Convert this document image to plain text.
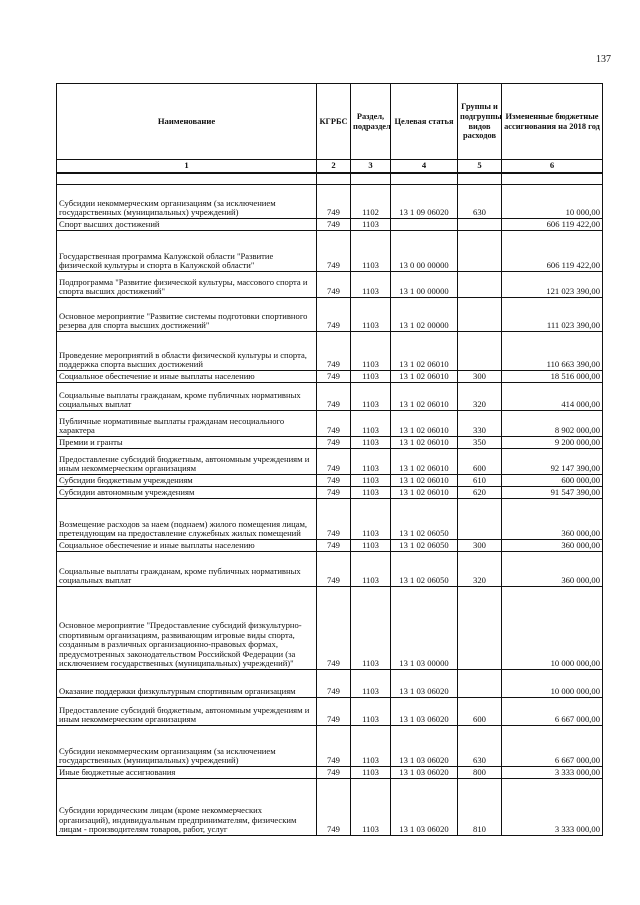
137
Наименование	КГРБС	Раздел, подраздел	Целевая статья	Группы и подгруппы видов расходов	Измененные бюджетные ассигнования на 2018 год
1	2	3	4	5	6

Субсидии некоммерческим организациям (за исключением государственных (муниципальных) учреждений)	749	1102	13 1 09 06020	630	10 000,00
Спорт высших достижений	749	1103			606 119 422,00
Государственная программа Калужской области "Развитие физической культуры и спорта в Калужской области"	749	1103	13 0 00 00000		606 119 422,00
Подпрограмма "Развитие физической культуры, массового спорта и спорта высших достижений"	749	1103	13 1 00 00000		121 023 390,00
Основное мероприятие "Развитие системы подготовки спортивного резерва для спорта высших достижений"	749	1103	13 1 02 00000		111 023 390,00
Проведение мероприятий в области физической культуры и спорта, поддержка спорта высших достижений	749	1103	13 1 02 06010		110 663 390,00
Социальное обеспечение и иные выплаты населению	749	1103	13 1 02 06010	300	18 516 000,00
Социальные выплаты гражданам, кроме публичных нормативных социальных выплат	749	1103	13 1 02 06010	320	414 000,00
Публичные нормативные выплаты гражданам несоциального характера	749	1103	13 1 02 06010	330	8 902 000,00
Премии и гранты	749	1103	13 1 02 06010	350	9 200 000,00
Предоставление субсидий бюджетным, автономным учреждениям и иным некоммерческим организациям	749	1103	13 1 02 06010	600	92 147 390,00
Субсидии бюджетным учреждениям	749	1103	13 1 02 06010	610	600 000,00
Субсидии автономным учреждениям	749	1103	13 1 02 06010	620	91 547 390,00
Возмещение расходов за наем (поднаем) жилого помещения лицам, претендующим на предоставление служебных жилых помещений	749	1103	13 1 02 06050		360 000,00
Социальное обеспечение и иные выплаты населению	749	1103	13 1 02 06050	300	360 000,00
Социальные выплаты гражданам, кроме публичных нормативных социальных выплат	749	1103	13 1 02 06050	320	360 000,00
Основное мероприятие "Предоставление субсидий физкультурно-спортивным организациям, развивающим игровые виды спорта, созданным в различных организационно-правовых формах, предусмотренных законодательством Российской Федерации (за исключением государственных (муниципальных) учреждений)"	749	1103	13 1 03 00000		10 000 000,00
Оказание поддержки физкультурным спортивным организациям	749	1103	13 1 03 06020		10 000 000,00
Предоставление субсидий бюджетным, автономным учреждениям и иным некоммерческим организациям	749	1103	13 1 03 06020	600	6 667 000,00
Субсидии некоммерческим организациям (за исключением государственных (муниципальных) учреждений)	749	1103	13 1 03 06020	630	6 667 000,00
Иные бюджетные ассигнования	749	1103	13 1 03 06020	800	3 333 000,00
Субсидии юридическим лицам (кроме некоммерческих организаций), индивидуальным предпринимателям, физическим лицам - производителям товаров, работ, услуг	749	1103	13 1 03 06020	810	3 333 000,00
